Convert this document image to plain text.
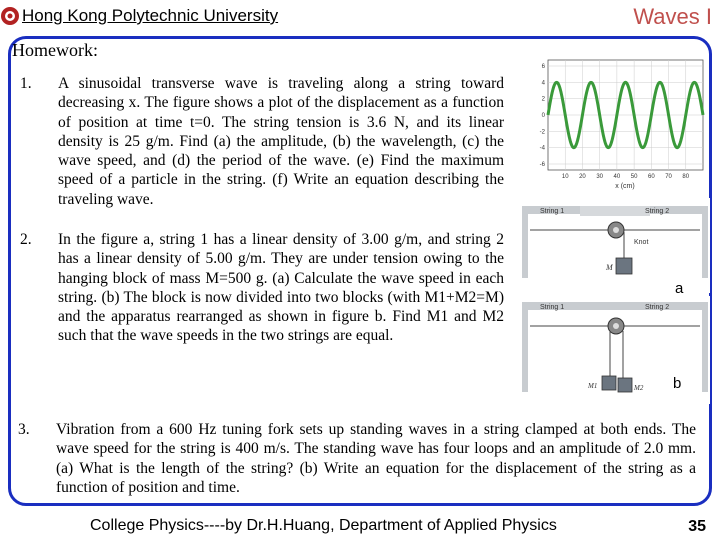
Hong Kong Polytechnic University	Waves I
Homework:
1. A sinusoidal transverse wave is traveling along a string toward decreasing x. The figure shows a plot of the displacement as a function of position at time t=0. The string tension is 3.6 N, and its linear density is 25 g/m. Find (a) the amplitude, (b) the wavelength, (c) the wave speed, and (d) the period of the wave. (e) Find the maximum speed of a particle in the string. (f) Write an equation describing the traveling wave.
2. In the figure a, string 1 has a linear density of 3.00 g/m, and string 2 has a linear density of 5.00 g/m. They are under tension owing to the hanging block of mass M=500 g. (a) Calculate the wave speed in each string. (b) The block is now divided into two blocks (with M1+M2=M) and the apparatus rearranged as shown in figure b. Find M1 and M2 such that the wave speeds in the two strings are equal.
3. Vibration from a 600 Hz tuning fork sets up standing waves in a string clamped at both ends. The wave speed for the string is 400 m/s. The standing wave has four loops and an amplitude of 2.0 mm. (a) What is the length of the string? (b) Write an equation for the displacement of the string as a function of position and time.
6
4
2
0
-2
-4
-6
10 20 30 40 50 60 70 80
x (cm)
String 1	String 2
Knot
M
a
String 1	String 2
M1	M2 b
College Physics----by Dr.H.Huang, Department of Applied Physics	35
